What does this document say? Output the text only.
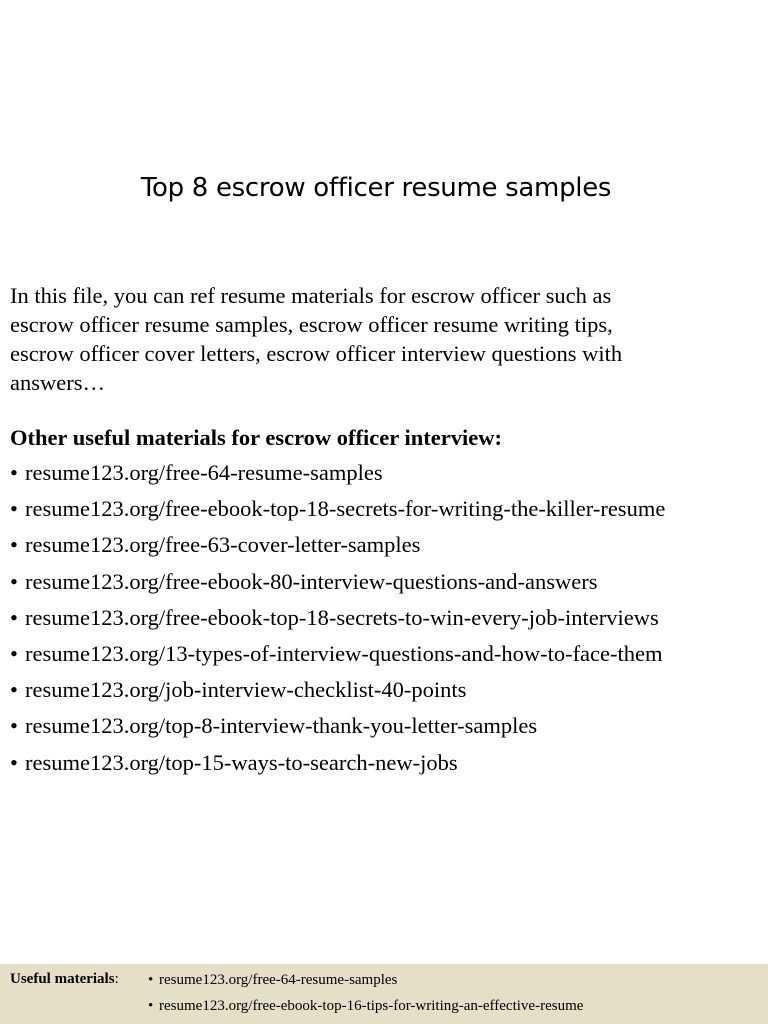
Top 8 escrow officer resume samples
In this file, you can ref resume materials for escrow officer such as
escrow officer resume samples, escrow officer resume writing tips,
escrow officer cover letters, escrow officer interview questions with
answers…
Other useful materials for escrow officer interview:
• resume123.org/free-64-resume-samples
• resume123.org/free-ebook-top-18-secrets-for-writing-the-killer-resume
• resume123.org/free-63-cover-letter-samples
• resume123.org/free-ebook-80-interview-questions-and-answers
• resume123.org/free-ebook-top-18-secrets-to-win-every-job-interviews
• resume123.org/13-types-of-interview-questions-and-how-to-face-them
• resume123.org/job-interview-checklist-40-points
• resume123.org/top-8-interview-thank-you-letter-samples
• resume123.org/top-15-ways-to-search-new-jobs
Useful materials: • resume123.org/free-64-resume-samples
• resume123.org/free-ebook-top-16-tips-for-writing-an-effective-resume
